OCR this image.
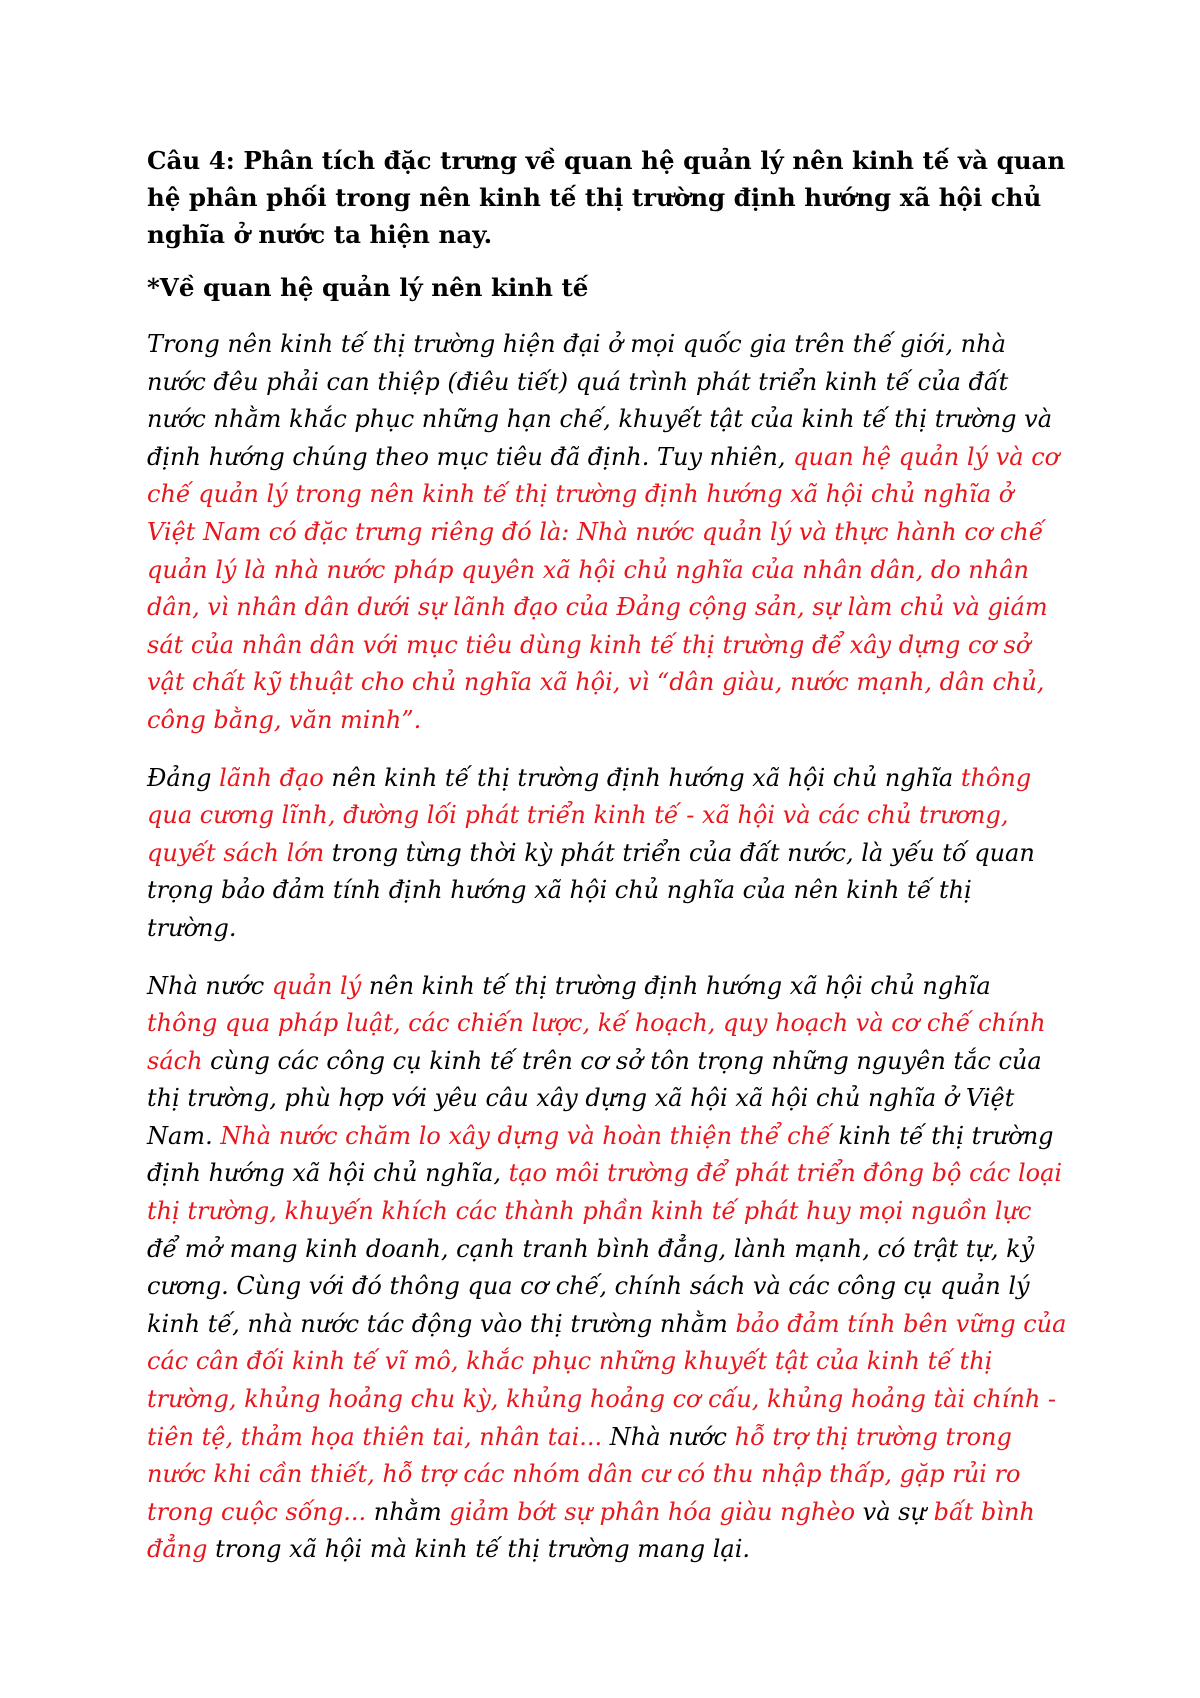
Câu 4: Phân tích đặc trưng về quan hệ quản lý nên kinh tế và quan hệ phân phối trong nên kinh tế thị trường định hướng xã hội chủ nghĩa ở nước ta hiện nay.

*Về quan hệ quản lý nên kinh tế

Trong nên kinh tế thị trường hiện đại ở mọi quốc gia trên thế giới, nhà nước đêu phải can thiệp (điêu tiết) quá trình phát triển kinh tế của đất nước nhằm khắc phục những hạn chế, khuyết tật của kinh tế thị trường và định hướng chúng theo mục tiêu đã định. Tuy nhiên, quan hệ quản lý và cơ chế quản lý trong nên kinh tế thị trường định hướng xã hội chủ nghĩa ở Việt Nam có đặc trưng riêng đó là: Nhà nước quản lý và thực hành cơ chế quản lý là nhà nước pháp quyên xã hội chủ nghĩa của nhân dân, do nhân dân, vì nhân dân dưới sự lãnh đạo của Đảng cộng sản, sự làm chủ và giám sát của nhân dân với mục tiêu dùng kinh tế thị trường để xây dựng cơ sở vật chất kỹ thuật cho chủ nghĩa xã hội, vì “dân giàu, nước mạnh, dân chủ, công bằng, văn minh”.

Đảng lãnh đạo nên kinh tế thị trường định hướng xã hội chủ nghĩa thông qua cương lĩnh, đường lối phát triển kinh tế - xã hội và các chủ trương, quyết sách lớn trong từng thời kỳ phát triển của đất nước, là yếu tố quan trọng bảo đảm tính định hướng xã hội chủ nghĩa của nên kinh tế thị trường.

Nhà nước quản lý nên kinh tế thị trường định hướng xã hội chủ nghĩa thông qua pháp luật, các chiến lược, kế hoạch, quy hoạch và cơ chế chính sách cùng các công cụ kinh tế trên cơ sở tôn trọng những nguyên tắc của thị trường, phù hợp với yêu câu xây dựng xã hội xã hội chủ nghĩa ở Việt Nam. Nhà nước chăm lo xây dựng và hoàn thiện thể chế kinh tế thị trường định hướng xã hội chủ nghĩa, tạo môi trường để phát triển đông bộ các loại thị trường, khuyến khích các thành phần kinh tế phát huy mọi nguồn lực để mở mang kinh doanh, cạnh tranh bình đẳng, lành mạnh, có trật tự, kỷ cương. Cùng với đó thông qua cơ chế, chính sách và các công cụ quản lý kinh tế, nhà nước tác động vào thị trường nhằm bảo đảm tính bên vững của các cân đối kinh tế vĩ mô, khắc phục những khuyết tật của kinh tế thị trường, khủng hoảng chu kỳ, khủng hoảng cơ cấu, khủng hoảng tài chính - tiên tệ, thảm họa thiên tai, nhân tai... Nhà nước hỗ trợ thị trường trong nước khi cần thiết, hỗ trợ các nhóm dân cư có thu nhập thấp, gặp rủi ro trong cuộc sống... nhằm giảm bớt sự phân hóa giàu nghèo và sự bất bình đẳng trong xã hội mà kinh tế thị trường mang lại.
